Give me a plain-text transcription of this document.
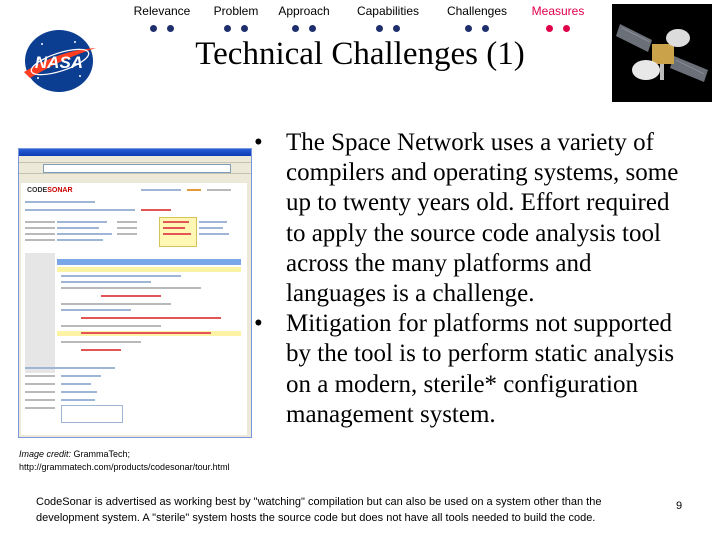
Relevance	Problem	Approach	Capabilities	Challenges	Measures
NASA	Technical Challenges (1)
CODESONAR
Image credit: GrammaTech;
http://grammatech.com/products/codesonar/tour.html
• The Space Network uses a variety of compilers and operating systems, some up to twenty years old. Effort required to apply the source code analysis tool across the many platforms and languages is a challenge.
• Mitigation for platforms not supported by the tool is to perform static analysis on a modern, sterile* configuration management system.
CodeSonar is advertised as working best by "watching" compilation but can also be used on a system other than the development system. A "sterile" system hosts the source code but does not have all tools needed to build the code.
9
